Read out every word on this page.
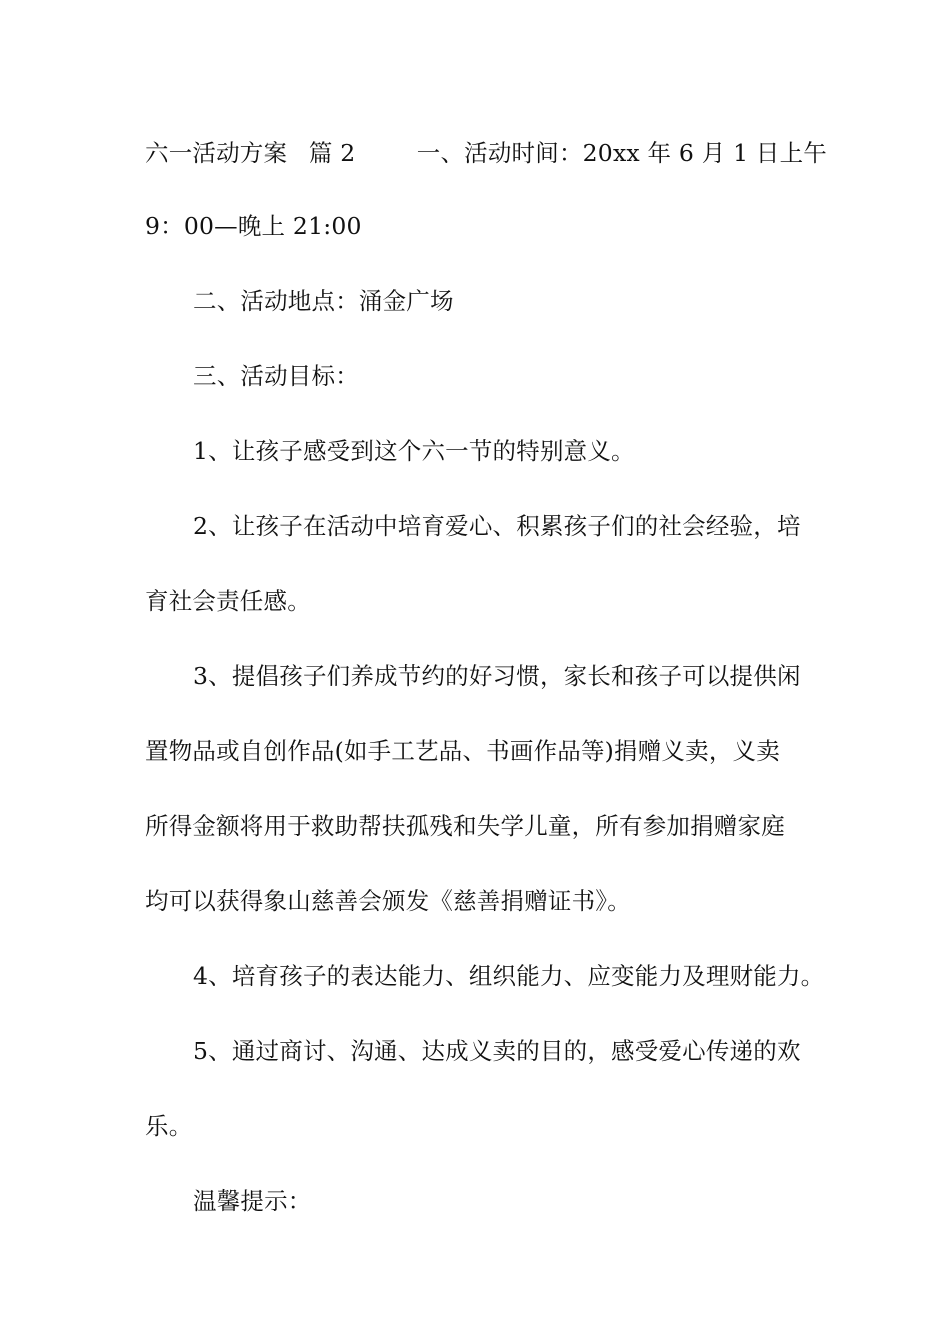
六一活动方案 篇 2	一、活动时间：20xx 年 6 月 1 日上午
9：00—晚上 21:00
二、活动地点：涌金广场
三、活动目标：
1、让孩子感受到这个六一节的特别意义。
2、让孩子在活动中培育爱心、积累孩子们的社会经验，培
育社会责任感。
3、提倡孩子们养成节约的好习惯，家长和孩子可以提供闲
置物品或自创作品(如手工艺品、书画作品等)捐赠义卖，义卖
所得金额将用于救助帮扶孤残和失学儿童，所有参加捐赠家庭
均可以获得象山慈善会颁发《慈善捐赠证书》。
4、培育孩子的表达能力、组织能力、应变能力及理财能力。
5、通过商讨、沟通、达成义卖的目的，感受爱心传递的欢
乐。
温馨提示：
